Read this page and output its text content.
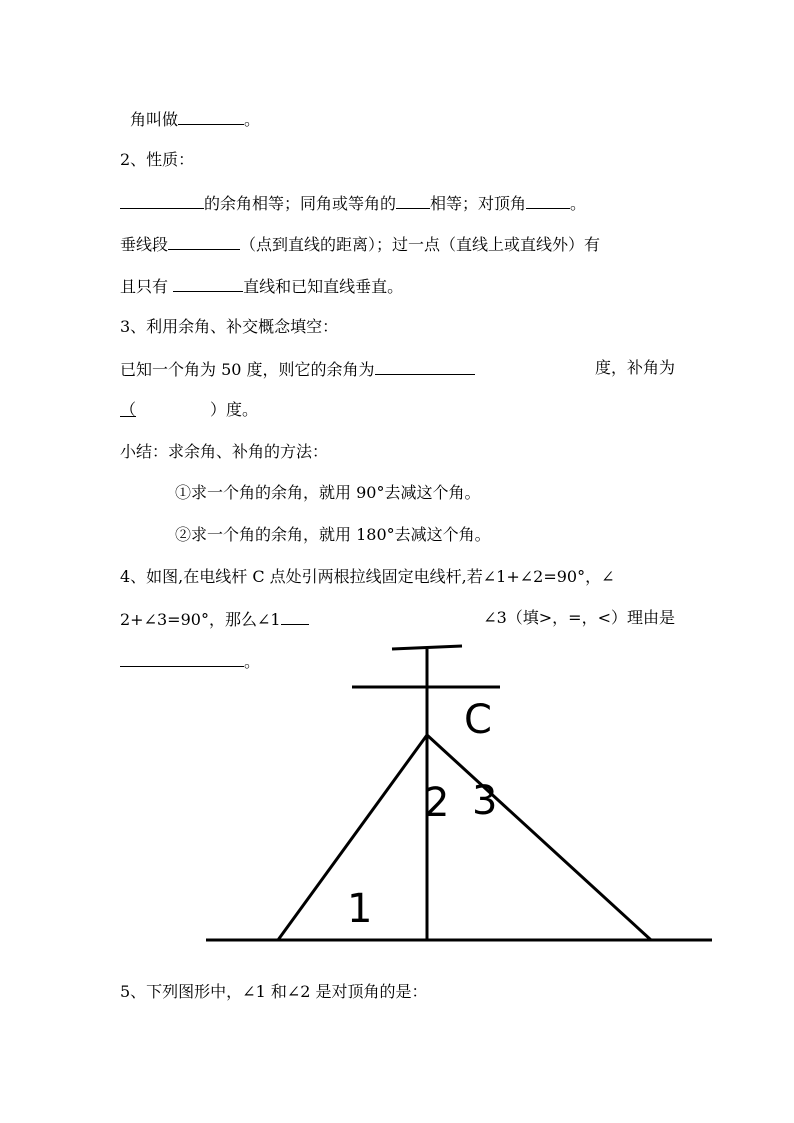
角叫做	。
2、性质：
的余角相等；同角或等角的 相等；对顶角	。
垂线段	（点到直线的距离）；过一点（直线上或直线外）有
且只有	直线和已知直线垂直。
3、利用余角、补交概念填空：
已知一个角为 50 度，则它的余角为	度，补角为
（	）度。
小结：求余角、补角的方法：
①求一个角的余角，就用 90°去减这个角。
②求一个角的余角，就用 180°去减这个角。
4、如图,在电线杆 C 点处引两根拉线固定电线杆,若∠1+∠2=90°，∠
2+∠3=90°，那么∠1	∠3（填>，=，<）理由是
。
C
2 3
1
5、下列图形中，∠1 和∠2 是对顶角的是：
